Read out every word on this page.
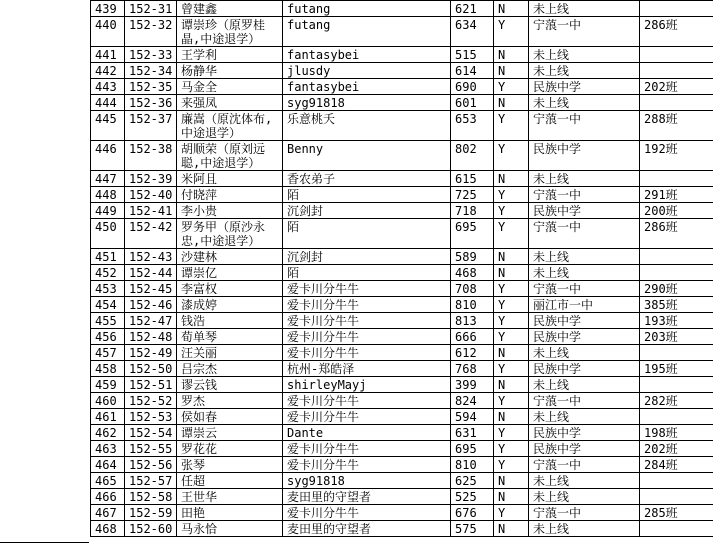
439	152-31	曾建鑫	futang	621	N	未上线	
440	152-32	谭崇珍（原罗桂晶,中途退学）	futang	634	Y	宁蒗一中	286班
441	152-33	王学利	fantasybei	515	N	未上线	
442	152-34	杨静华	jlusdy	614	N	未上线	
443	152-35	马金全	fantasybei	690	Y	民族中学	202班
444	152-36	来强凤	syg91818	601	N	未上线	
445	152-37	廉嵩（原沈体布,中途退学）	乐意桃夭	653	Y	宁蒗一中	288班
446	152-38	胡顺荣（原刘远聪,中途退学）	Benny	802	Y	民族中学	192班
447	152-39	米阿且	香农弟子	615	N	未上线	
448	152-40	付晓萍	陌	725	Y	宁蒗一中	291班
449	152-41	李小贵	沉剑封	718	Y	民族中学	200班
450	152-42	罗务甲（原沙永忠,中途退学）	陌	695	Y	宁蒗一中	286班
451	152-43	沙建林	沉剑封	589	N	未上线	
452	152-44	谭崇亿	陌	468	N	未上线	
453	152-45	李富权	爱卡川分牛牛	708	Y	宁蒗一中	290班
454	152-46	漆成婷	爱卡川分牛牛	810	Y	丽江市一中	385班
455	152-47	钱浩	爱卡川分牛牛	813	Y	民族中学	193班
456	152-48	荀单琴	爱卡川分牛牛	666	Y	民族中学	203班
457	152-49	汪关丽	爱卡川分牛牛	612	N	未上线	
458	152-50	吕宗杰	杭州-郑皓泽	768	Y	民族中学	195班
459	152-51	谬云钱	shirleyMayj	399	N	未上线	
460	152-52	罗杰	爱卡川分牛牛	824	Y	宁蒗一中	282班
461	152-53	侯如春	爱卡川分牛牛	594	N	未上线	
462	152-54	谭崇云	Dante	631	Y	民族中学	198班
463	152-55	罗花花	爱卡川分牛牛	695	Y	民族中学	202班
464	152-56	张琴	爱卡川分牛牛	810	Y	宁蒗一中	284班
465	152-57	任超	syg91818	625	N	未上线	
466	152-58	王世华	麦田里的守望者	525	N	未上线	
467	152-59	田艳	爱卡川分牛牛	676	Y	宁蒗一中	285班
468	152-60	马永恰	麦田里的守望者	575	N	未上线	
